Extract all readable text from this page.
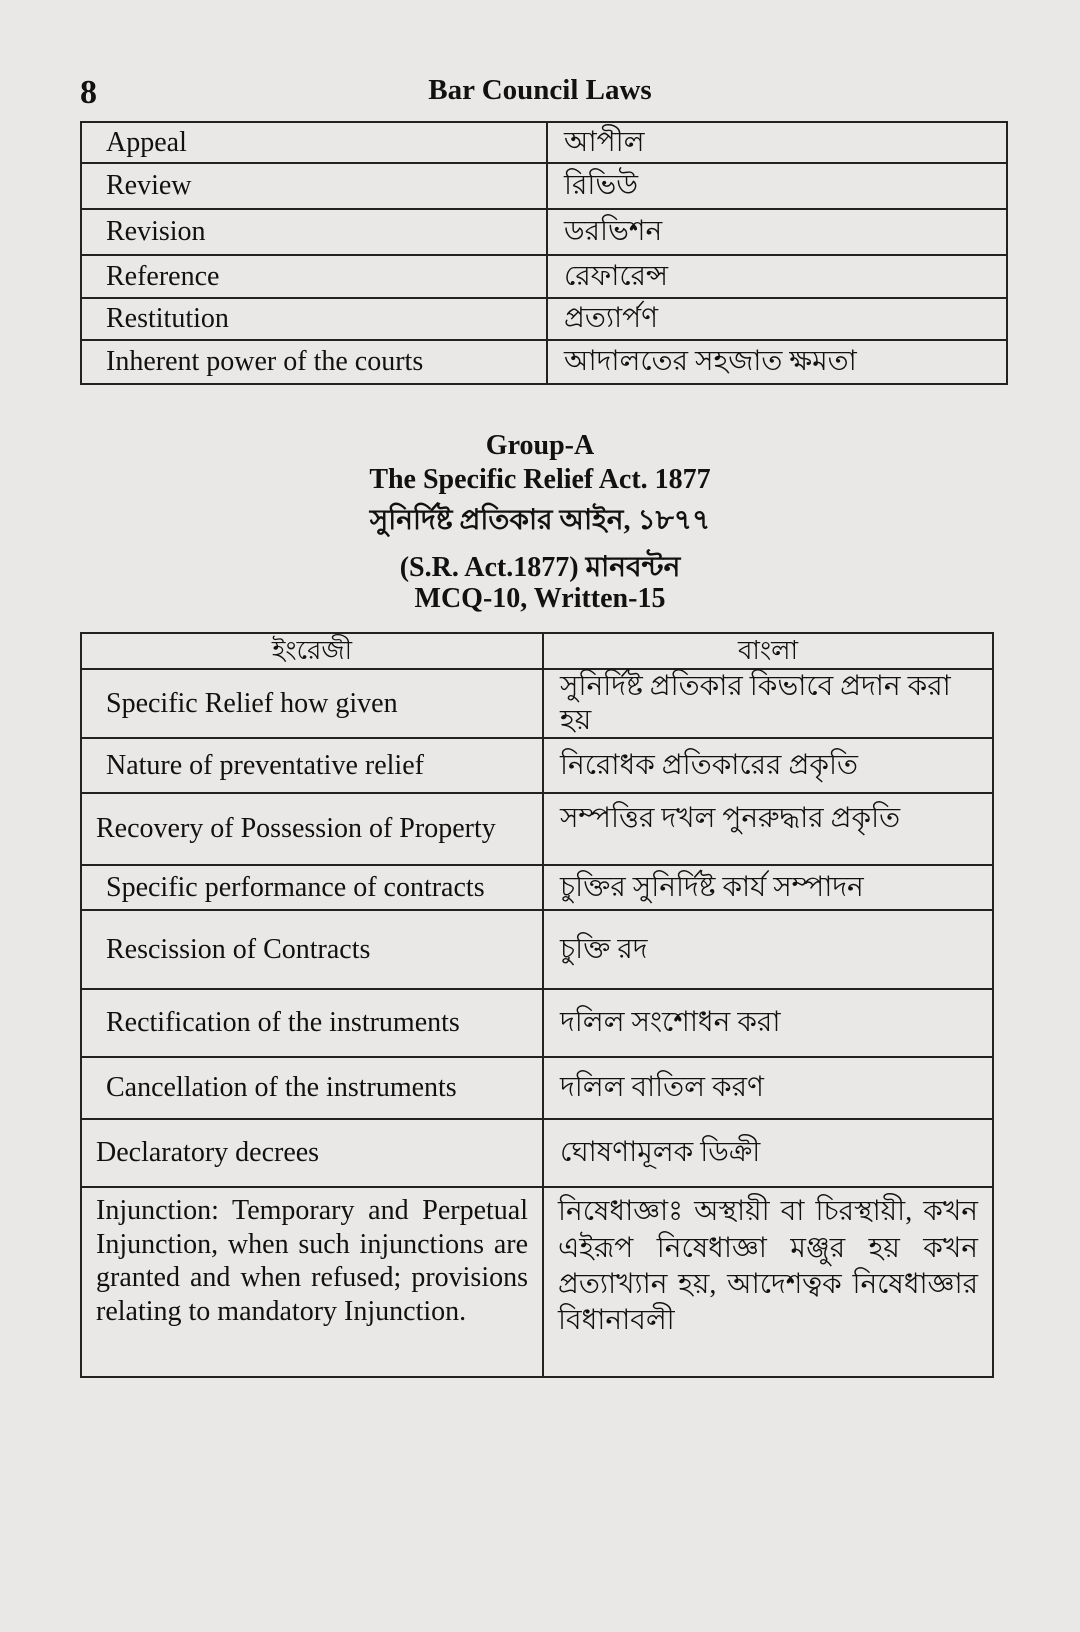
8	Bar Council Laws
Appeal	আপীল
Review	রিভিউ
Revision	ডরভিশন
Reference	রেফারেন্স
Restitution	প্রত্যার্পণ
Inherent power of the courts	আদালতের সহজাত ক্ষমতা
Group-A
The Specific Relief Act. 1877
সুনির্দিষ্ট প্রতিকার আইন, ১৮৭৭
(S.R. Act.1877) মানবন্টন
MCQ-10, Written-15
ইংরেজী	বাংলা
Specific Relief how given	সুনির্দিষ্ট প্রতিকার কিভাবে প্রদান করা হয়
Nature of preventative relief	নিরোধক প্রতিকারের প্রকৃতি
Recovery of Possession of Property	সম্পত্তির দখল পুনরুদ্ধার প্রকৃতি
Specific performance of contracts	চুক্তির সুনির্দিষ্ট কার্য সম্পাদন
Rescission of Contracts	চুক্তি রদ
Rectification of the instruments	দলিল সংশোধন করা
Cancellation of the instruments	দলিল বাতিল করণ
Declaratory decrees	ঘোষণামূলক ডিক্রী
Injunction: Temporary and Perpetual Injunction, when such injunctions are granted and when refused; provisions relating to mandatory Injunction.	নিষেধাজ্ঞাঃ অস্থায়ী বা চিরস্থায়ী, কখন এইরূপ নিষেধাজ্ঞা মঞ্জুর হয় কখন প্রত্যাখ্যান হয়, আদেশত্বক নিষেধাজ্ঞার বিধানাবলী
